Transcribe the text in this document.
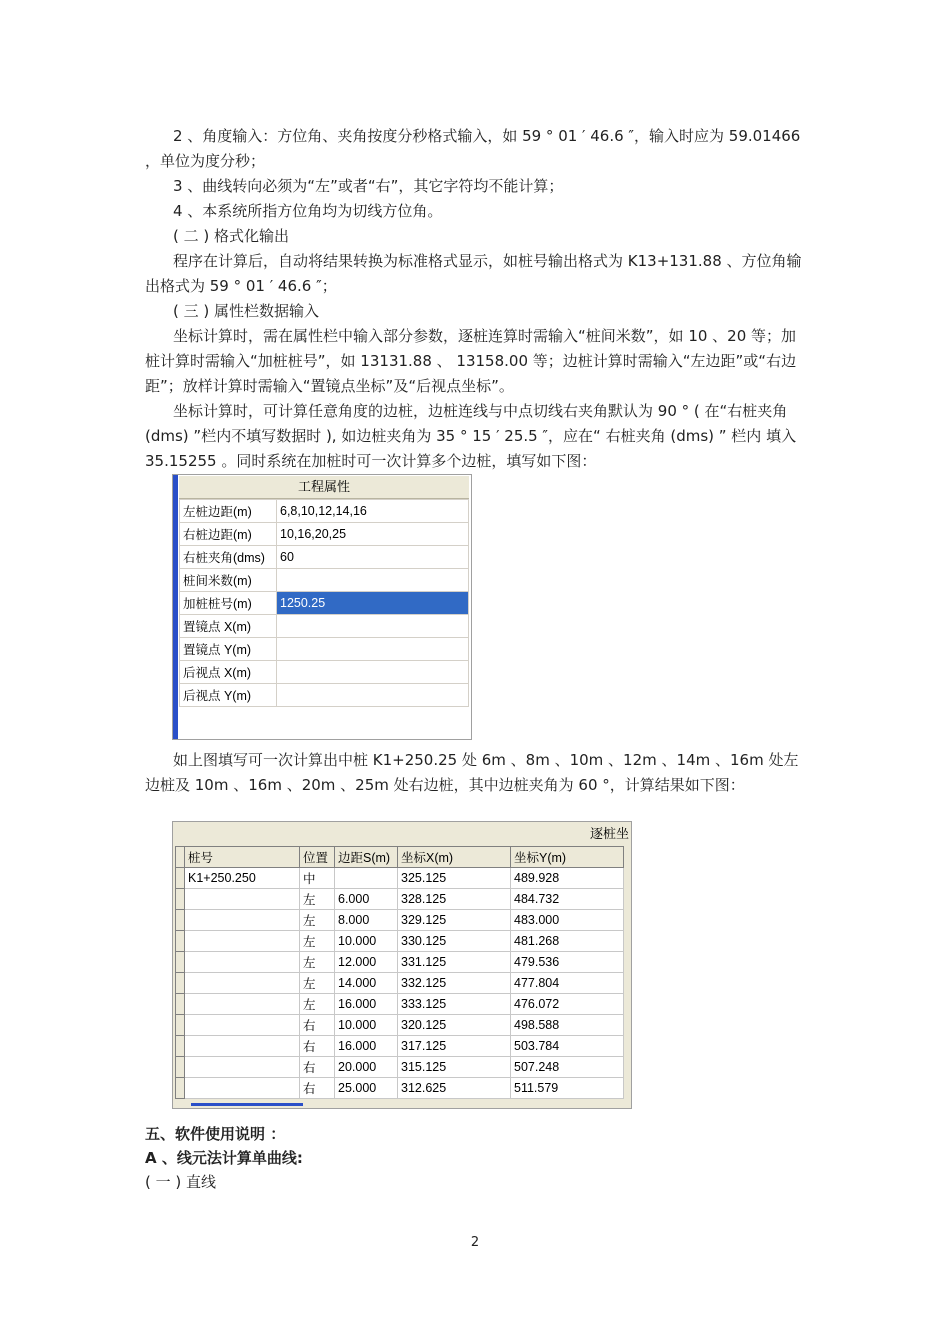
2 、角度输入：方位角、夹角按度分秒格式输入，如 59 ° 01 ′ 46.6 ″，输入时应为 59.01466 ，单位为度分秒；

3 、曲线转向必须为“左”或者“右”，其它字符均不能计算；

4 、本系统所指方位角均为切线方位角。

( 二 ) 格式化输出

程序在计算后，自动将结果转换为标准格式显示，如桩号输出格式为 K13+131.88 、方位角输出格式为 59 ° 01 ′ 46.6 ″；

( 三 ) 属性栏数据输入

坐标计算时，需在属性栏中输入部分参数，逐桩连算时需输入“桩间米数”，如 10 、20 等；加桩计算时需输入“加桩桩号”，如 13131.88 、 13158.00 等；边桩计算时需输入“左边距”或“右边距”；放样计算时需输入“置镜点坐标”及“后视点坐标”。

坐标计算时，可计算任意角度的边桩，边桩连线与中点切线右夹角默认为 90 ° ( 在“右桩夹角 (dms) ”栏内不填写数据时 ), 如边桩夹角为 35 ° 15 ′ 25.5 ″，应在“ 右桩夹角 (dms) ” 栏内 填入 35.15255 。同时系统在加桩时可一次计算多个边桩，填写如下图：

工程属性
左桩边距(m)	6,8,10,12,14,16
右桩边距(m)	10,16,20,25
右桩夹角(dms)	60
桩间米数(m)	
加桩桩号(m)	1250.25
置镜点 X(m)	
置镜点 Y(m)	
后视点 X(m)	
后视点 Y(m)	

如上图填写可一次计算出中桩 K1+250.25 处 6m 、8m 、10m 、12m 、14m 、16m 处左边桩及 10m 、16m 、20m 、25m 处右边桩，其中边桩夹角为 60 °，计算结果如下图：

逐桩坐
	桩号	位置	边距S(m)	坐标X(m)	坐标Y(m)
	K1+250.250	中		325.125	489.928
		左	6.000	328.125	484.732
		左	8.000	329.125	483.000
		左	10.000	330.125	481.268
		左	12.000	331.125	479.536
		左	14.000	332.125	477.804
		左	16.000	333.125	476.072
		右	10.000	320.125	498.588
		右	16.000	317.125	503.784
		右	20.000	315.125	507.248
		右	25.000	312.625	511.579

五、软件使用说明 ：

A 、线元法计算单曲线:

( 一 ) 直线

2
